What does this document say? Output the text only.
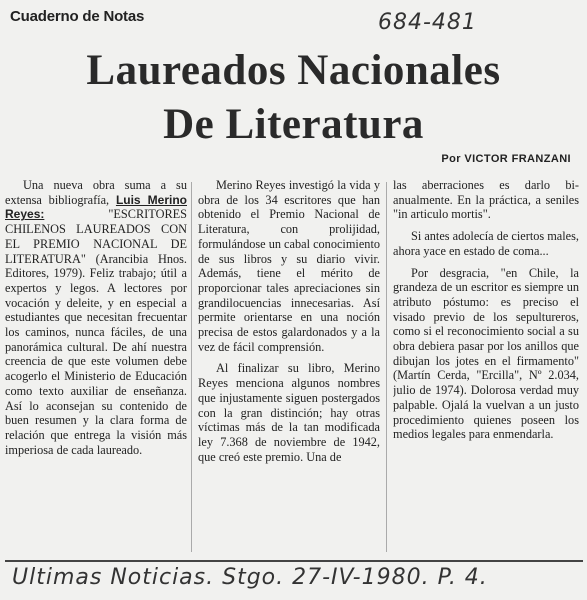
Cuaderno de Notas	684-481
Laureados Nacionales
De Literatura
Por VICTOR FRANZANI

Una nueva obra suma a su extensa bibliografía, Luis Merino Reyes:	"ESCRITORES CHILENOS LAUREADOS CON EL PREMIO NACIONAL DE LITERATURA" (Arancibia Hnos. Editores, 1979). Feliz trabajo; útil a expertos y legos. A lectores por vocación y deleite, y en especial a estudiantes que necesitan frecuentar los caminos, nunca fáciles, de una panorámica cultural. De ahí nuestra creencia de que este volumen debe acogerlo el Ministerio de Educación como texto auxiliar de enseñanza. Así lo aconsejan su contenido de buen resumen y la clara forma de relación que entrega la visión más imperiosa de cada laureado.

Merino Reyes investigó la vida y obra de los 34 escritores que han obtenido el Premio Nacional de Literatura, con prolijidad, formulándose un cabal conocimiento de sus libros y su diario vivir. Además, tiene el mérito de proporcionar tales apreciaciones sin grandilocuencias innecesarias. Así permite orientarse en una noción precisa de estos galardonados y a la vez de fácil comprensión.

Al finalizar su libro, Merino Reyes menciona algunos nombres que injustamente siguen postergados con la gran distinción; hay otras víctimas más de la tan modificada ley 7.368 de noviembre de 1942, que creó este premio. Una de

las aberraciones es darlo bi-anualmente. En la práctica, a seniles "in articulo mortis".

Si antes adolecía de ciertos males, ahora yace en estado de coma...

Por desgracia, "en Chile, la grandeza de un escritor es siempre un atributo póstumo: es preciso el visado previo de los sepultureros, como si el reconocimiento social a su obra debiera pasar por los anillos que dibujan los jotes en el firmamento" (Martín Cerda, "Ercilla", Nº 2.034, julio de 1974). Dolorosa verdad muy palpable. Ojalá la vuelvan a un justo procedimiento quienes poseen los medios legales para enmendarla.

Ultimas Noticias. Stgo. 27-IV-1980. P. 4.
